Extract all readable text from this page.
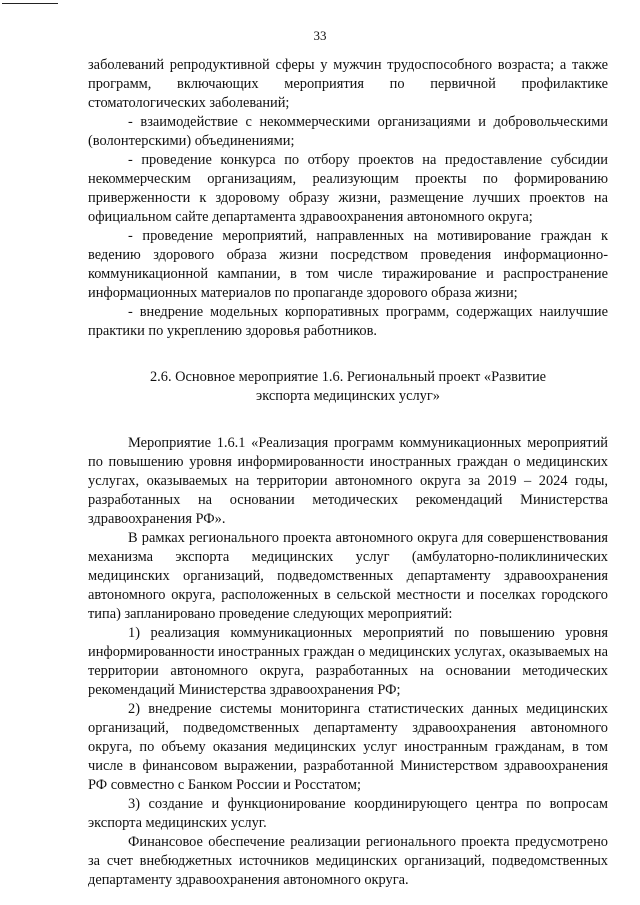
33

заболеваний репродуктивной сферы у мужчин трудоспособного возраста; а также программ, включающих мероприятия по первичной профилактике стоматологических заболеваний;

- взаимодействие с некоммерческими организациями и добровольческими (волонтерскими) объединениями;

- проведение конкурса по отбору проектов на предоставление субсидии некоммерческим организациям, реализующим проекты по формированию приверженности к здоровому образу жизни, размещение лучших проектов на официальном сайте департамента здравоохранения автономного округа;

- проведение мероприятий, направленных на мотивирование граждан к ведению здорового образа жизни посредством проведения информационно-коммуникационной кампании, в том числе тиражирование и распространение информационных материалов по пропаганде здорового образа жизни;

- внедрение модельных корпоративных программ, содержащих наилучшие практики по укреплению здоровья работников.

2.6. Основное мероприятие 1.6. Региональный проект «Развитие
экспорта медицинских услуг»

Мероприятие 1.6.1 «Реализация программ коммуникационных мероприятий по повышению уровня информированности иностранных граждан о медицинских услугах, оказываемых на территории автономного округа за 2019 – 2024 годы, разработанных на основании методических рекомендаций Министерства здравоохранения РФ».

В рамках регионального проекта автономного округа для совершенствования механизма экспорта медицинских услуг (амбулаторно-поликлинических медицинских организаций, подведомственных департаменту здравоохранения автономного округа, расположенных в сельской местности и поселках городского типа) запланировано проведение следующих мероприятий:

1) реализация коммуникационных мероприятий по повышению уровня информированности иностранных граждан о медицинских услугах, оказываемых на территории автономного округа, разработанных на основании методических рекомендаций Министерства здравоохранения РФ;

2) внедрение системы мониторинга статистических данных медицинских организаций, подведомственных департаменту здравоохранения автономного округа, по объему оказания медицинских услуг иностранным гражданам, в том числе в финансовом выражении, разработанной Министерством здравоохранения РФ совместно с Банком России и Росстатом;

3) создание и функционирование координирующего центра по вопросам экспорта медицинских услуг.

Финансовое обеспечение реализации регионального проекта предусмотрено за счет внебюджетных источников медицинских организаций, подведомственных департаменту здравоохранения автономного округа.
